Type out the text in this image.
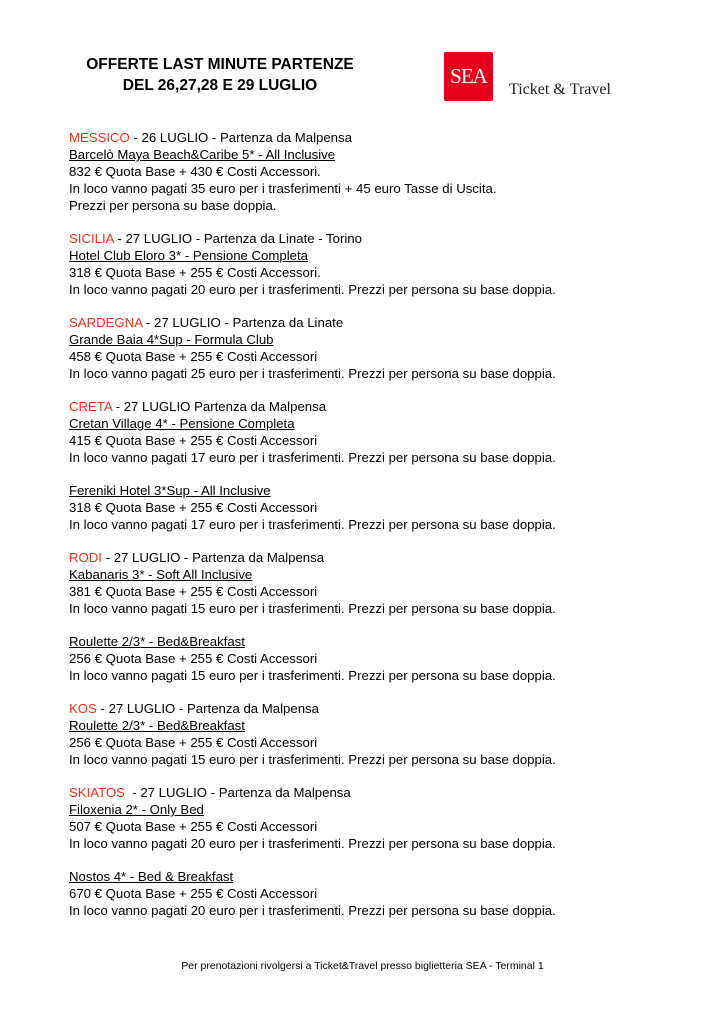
OFFERTE LAST MINUTE PARTENZE
DEL 26,27,28 E 29 LUGLIO	SEA
Ticket & Travel
MESSICO - 26 LUGLIO - Partenza da Malpensa
Barcelò Maya Beach&Caribe 5* - All Inclusive
832 € Quota Base + 430 € Costi Accessori.
In loco vanno pagati 35 euro per i trasferimenti + 45 euro Tasse di Uscita.
Prezzi per persona su base doppia.
SICILIA - 27 LUGLIO - Partenza da Linate - Torino
Hotel Club Eloro 3* - Pensione Completa
318 € Quota Base + 255 € Costi Accessori.
In loco vanno pagati 20 euro per i trasferimenti. Prezzi per persona su base doppia.
SARDEGNA - 27 LUGLIO - Partenza da Linate
Grande Baia 4*Sup - Formula Club
458 € Quota Base + 255 € Costi Accessori
In loco vanno pagati 25 euro per i trasferimenti. Prezzi per persona su base doppia.
CRETA - 27 LUGLIO Partenza da Malpensa
Cretan Village 4* - Pensione Completa
415 € Quota Base + 255 € Costi Accessori
In loco vanno pagati 17 euro per i trasferimenti. Prezzi per persona su base doppia.
Fereniki Hotel 3*Sup - All Inclusive
318 € Quota Base + 255 € Costi Accessori
In loco vanno pagati 17 euro per i trasferimenti. Prezzi per persona su base doppia.
RODI - 27 LUGLIO - Partenza da Malpensa
Kabanaris 3* - Soft All Inclusive
381 € Quota Base + 255 € Costi Accessori
In loco vanno pagati 15 euro per i trasferimenti. Prezzi per persona su base doppia.
Roulette 2/3* - Bed&Breakfast
256 € Quota Base + 255 € Costi Accessori
In loco vanno pagati 15 euro per i trasferimenti. Prezzi per persona su base doppia.
KOS - 27 LUGLIO - Partenza da Malpensa
Roulette 2/3* - Bed&Breakfast
256 € Quota Base + 255 € Costi Accessori
In loco vanno pagati 15 euro per i trasferimenti. Prezzi per persona su base doppia.
SKIATOS  - 27 LUGLIO - Partenza da Malpensa
Filoxenia 2* - Only Bed
507 € Quota Base + 255 € Costi Accessori
In loco vanno pagati 20 euro per i trasferimenti. Prezzi per persona su base doppia.
Nostos 4* - Bed & Breakfast
670 € Quota Base + 255 € Costi Accessori
In loco vanno pagati 20 euro per i trasferimenti. Prezzi per persona su base doppia.
Per prenotazioni rivolgersi a Ticket&Travel presso biglietteria SEA - Terminal 1
